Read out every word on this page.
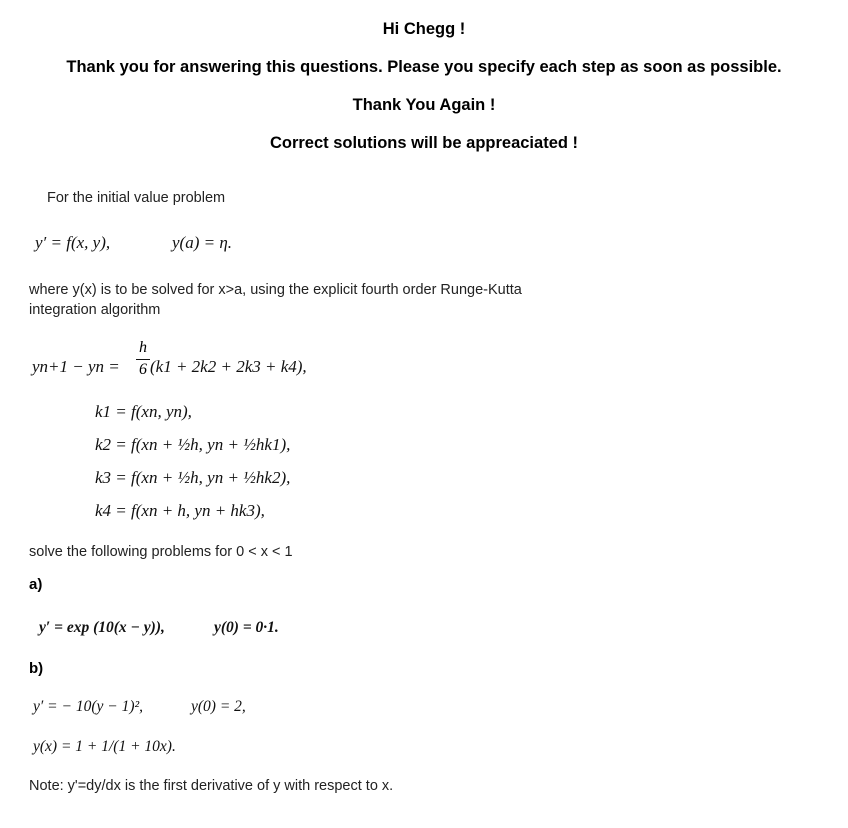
Hi Chegg !
Thank you for answering this questions. Please you specify each step as soon as possible.
Thank You Again !
Correct solutions will be appreaciated !
For the initial value problem
y′ = f(x, y),	y(a) = η.
where y(x) is to be solved for x>a, using the explicit fourth order Runge-Kutta
integration algorithm
yn+1 − yn =
h
6 (k1 + 2k2 + 2k3 + k4),
k1 = f(xn, yn),
k2 = f(xn + ½h, yn + ½hk1),
k3 = f(xn + ½h, yn + ½hk2),
k4 = f(xn + h, yn + hk3),
solve the following problems for 0 < x < 1
a)
y′ = exp (10(x − y)),	y(0) = 0·1.
b)
y′ = − 10(y − 1)²,	y(0) = 2,
y(x) = 1 + 1/(1 + 10x).
Note: y'=dy/dx is the first derivative of y with respect to x.
